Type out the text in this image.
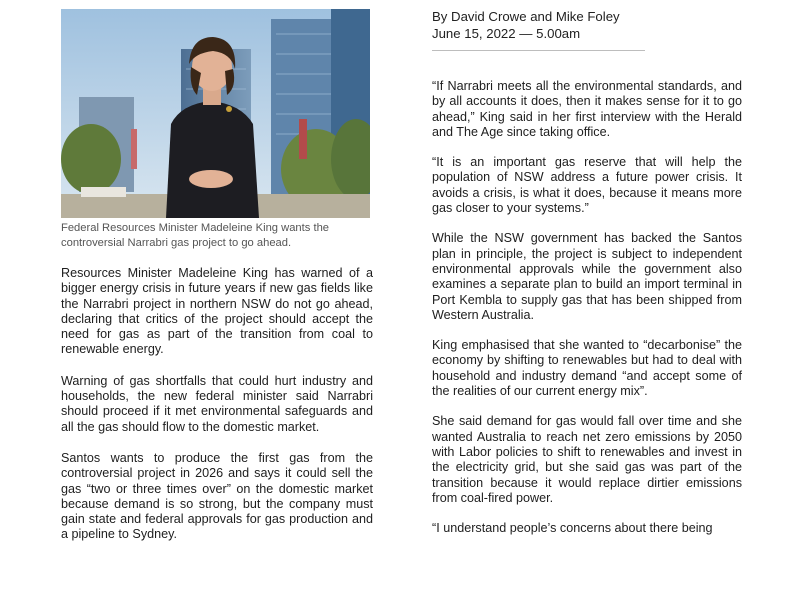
Federal Resources Minister Madeleine King wants the controversial Narrabri gas project to go ahead.

Resources Minister Madeleine King has warned of a bigger energy crisis in future years if new gas fields like the Narrabri project in northern NSW do not go ahead, declaring that critics of the project should accept the need for gas as part of the transition from coal to renewable energy.

Warning of gas shortfalls that could hurt industry and households, the new federal minister said Narrabri should proceed if it met environmental safeguards and all the gas should flow to the domestic market.

Santos wants to produce the first gas from the controversial project in 2026 and says it could sell the gas “two or three times over” on the domestic market because demand is so strong, but the company must gain state and federal approvals for gas production and a pipeline to Sydney.

By David Crowe and Mike Foley
June 15, 2022 — 5.00am

“If Narrabri meets all the environmental standards, and by all accounts it does, then it makes sense for it to go ahead,” King said in her first interview with the Herald and The Age since taking office.

“It is an important gas reserve that will help the population of NSW address a future power crisis. It avoids a crisis, is what it does, because it means more gas closer to your systems.”

While the NSW government has backed the Santos plan in principle, the project is subject to independent environmental approvals while the government also examines a separate plan to build an import terminal in Port Kembla to supply gas that has been shipped from Western Australia.

King emphasised that she wanted to “decarbonise” the economy by shifting to renewables but had to deal with household and industry demand “and accept some of the realities of our current energy mix”.

She said demand for gas would fall over time and she wanted Australia to reach net zero emissions by 2050 with Labor policies to shift to renewables and invest in the electricity grid, but she said gas was part of the transition because it would replace dirtier emissions from coal-fired power.

“I understand people’s concerns about there being
